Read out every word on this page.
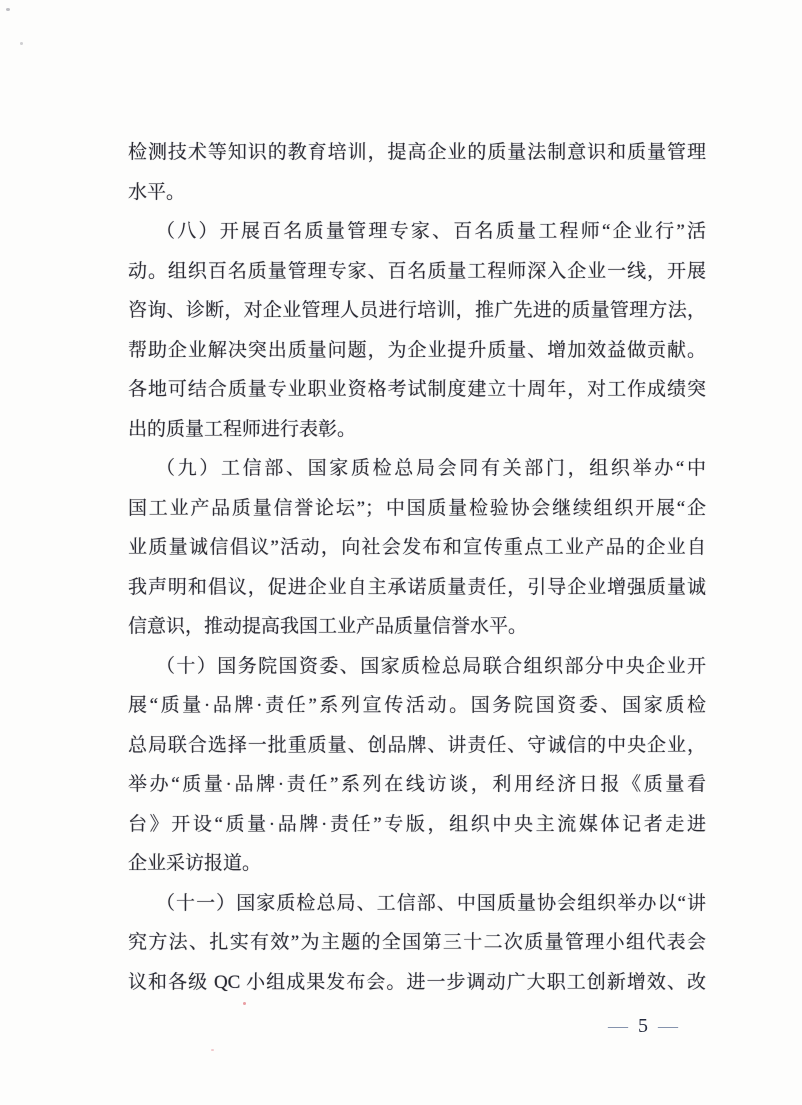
检测技术等知识的教育培训，提高企业的质量法制意识和质量管理
水平。
（八）开展百名质量管理专家、百名质量工程师“企业行”活
动。组织百名质量管理专家、百名质量工程师深入企业一线，开展
咨询、诊断，对企业管理人员进行培训，推广先进的质量管理方法，
帮助企业解决突出质量问题，为企业提升质量、增加效益做贡献。
各地可结合质量专业职业资格考试制度建立十周年，对工作成绩突
出的质量工程师进行表彰。
（九）工信部、国家质检总局会同有关部门，组织举办“中
国工业产品质量信誉论坛”；中国质量检验协会继续组织开展“企
业质量诚信倡议”活动，向社会发布和宣传重点工业产品的企业自
我声明和倡议，促进企业自主承诺质量责任，引导企业增强质量诚
信意识，推动提高我国工业产品质量信誉水平。
（十）国务院国资委、国家质检总局联合组织部分中央企业开
展“质量·品牌·责任”系列宣传活动。国务院国资委、国家质检
总局联合选择一批重质量、创品牌、讲责任、守诚信的中央企业，
举办“质量·品牌·责任”系列在线访谈，利用经济日报《质量看
台》开设“质量·品牌·责任”专版，组织中央主流媒体记者走进
企业采访报道。
（十一）国家质检总局、工信部、中国质量协会组织举办以“讲
究方法、扎实有效”为主题的全国第三十二次质量管理小组代表会
议和各级 QC 小组成果发布会。进一步调动广大职工创新增效、改
— 5 —
